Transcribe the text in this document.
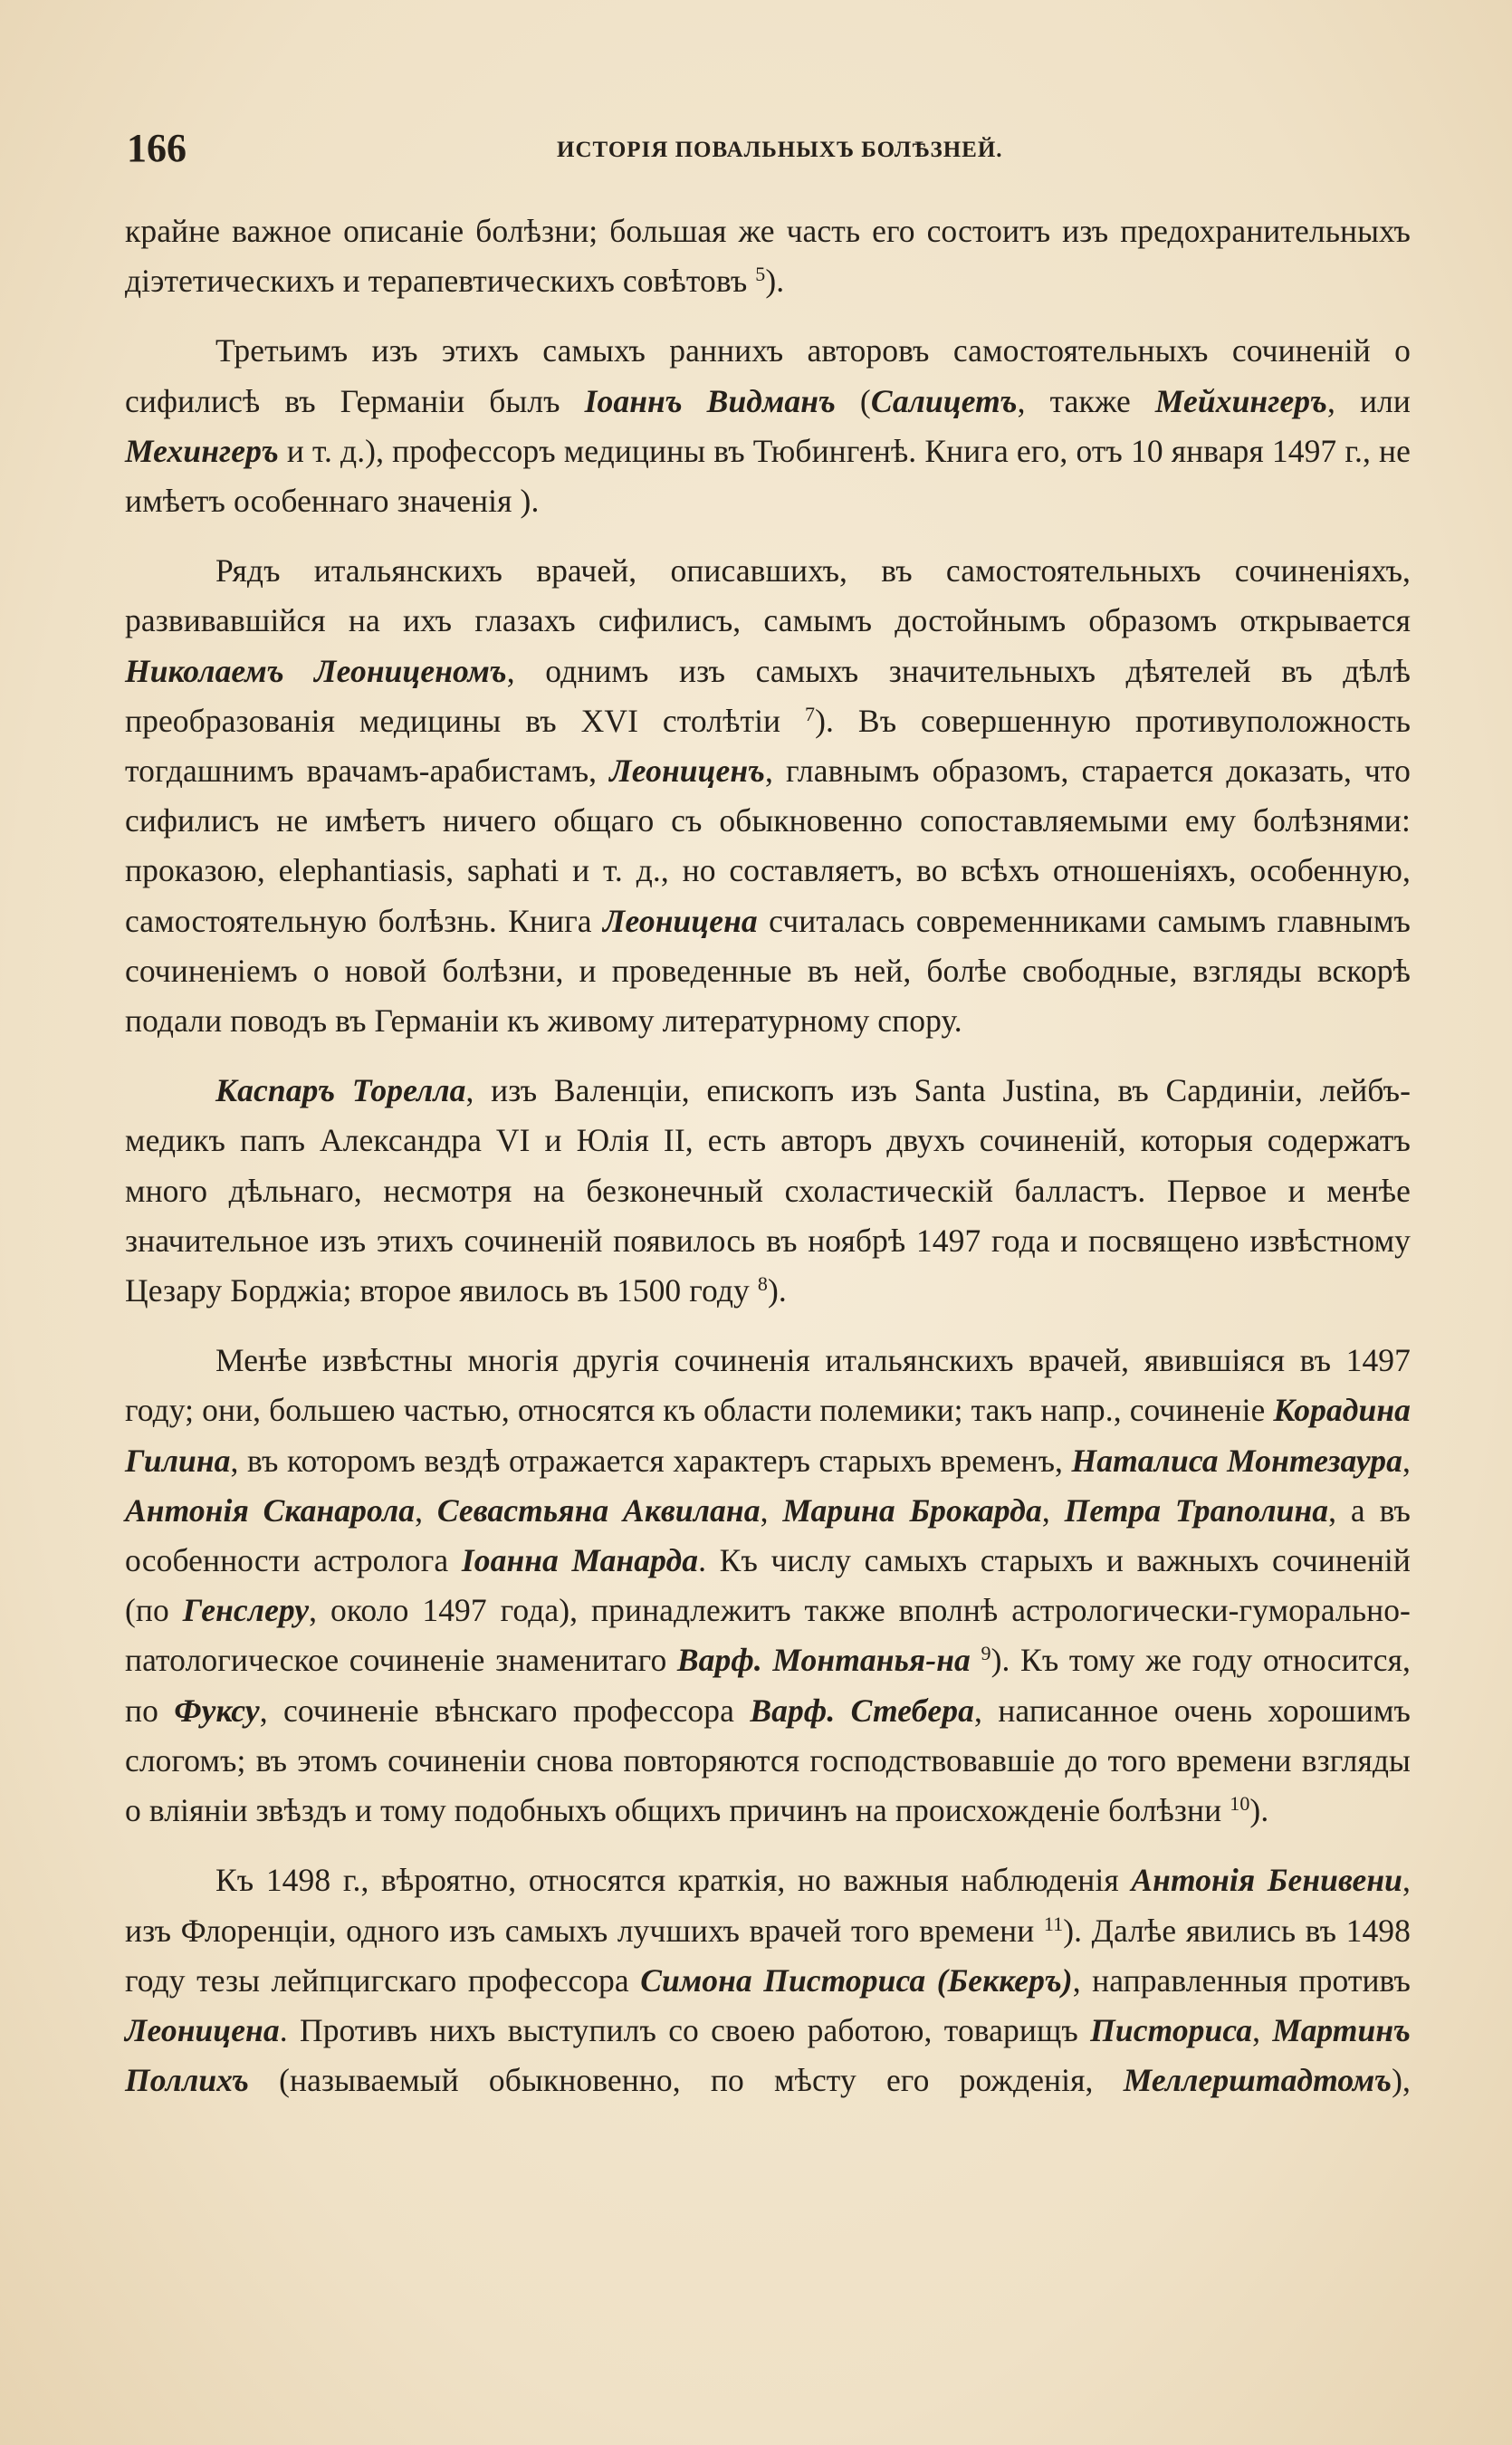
166	ИСТОРІЯ ПОВАЛЬНЫХЪ БОЛѢЗНЕЙ.

крайне важное описаніе болѣзни; большая же часть его состоитъ изъ предохранительныхъ діэтетическихъ и терапевтическихъ совѣтовъ $^5$).

Третьимъ изъ этихъ самыхъ раннихъ авторовъ самостоятельныхъ сочиненій о сифилисѣ въ Германіи былъ Іоаннъ Видманъ (Салицетъ, также Мейхингеръ, или Мехингеръ и т. д.), профессоръ медицины въ Тюбингенѣ. Книга его, отъ 10 января 1497 г., не имѣетъ особеннаго значенія ).

Рядъ итальянскихъ врачей, описавшихъ, въ самостоятельныхъ сочиненіяхъ, развивавшійся на ихъ глазахъ сифилисъ, самымъ достойнымъ образомъ открывается Николаемъ Леониценомъ, однимъ изъ самыхъ значительныхъ дѣятелей въ дѣлѣ преобразованія медицины въ XVI столѣтіи $^7$). Въ совершенную противуположность тогдашнимъ врачамъ-арабистамъ, Леониценъ, главнымъ образомъ, старается доказать, что сифилисъ не имѣетъ ничего общаго съ обыкновенно сопоставляемыми ему болѣзнями: проказою, elephantiasis, saphati и т. д., но составляетъ, во всѣхъ отношеніяхъ, особенную, самостоятельную болѣзнь. Книга Леоницена считалась современниками самымъ главнымъ сочиненіемъ о новой болѣзни, и проведенные въ ней, болѣе свободные, взгляды вскорѣ подали поводъ въ Германіи къ живому литературному спору.

Каспаръ Торелла, изъ Валенціи, епископъ изъ Santa Justina, въ Сардиніи, лейбъ-медикъ папъ Александра VI и Юлія II, есть авторъ двухъ сочиненій, которыя содержатъ много дѣльнаго, несмотря на безконечный схоластическій балластъ. Первое и менѣе значительное изъ этихъ сочиненій появилось въ ноябрѣ 1497 года и посвящено извѣстному Цезару Борджіа; второе явилось въ 1500 году $^8$).

Менѣе извѣстны многія другія сочиненія итальянскихъ врачей, явившіяся въ 1497 году; они, большею частью, относятся къ области полемики; такъ напр., сочиненіе Корадина Гилина, въ которомъ вездѣ отражается характеръ старыхъ временъ, Наталиса Монтезаура, Антонія Сканарола, Севастьяна Аквилана, Марина Брокарда, Петра Траполина, а въ особенности астролога Іоанна Манарда. Къ числу самыхъ старыхъ и важныхъ сочиненій (по Генслеру, около 1497 года), принадлежитъ также вполнѣ астрологически-гуморально-патологическое сочиненіе знаменитаго Варф. Монтанья-на $^9$). Къ тому же году относится, по Фуксу, сочиненіе вѣнскаго профессора Варф. Стебера, написанное очень хорошимъ слогомъ; въ этомъ сочиненіи снова повторяются господствовавшіе до того времени взгляды о вліяніи звѣздъ и тому подобныхъ общихъ причинъ на происхожденіе болѣзни $^{10}$).

Къ 1498 г., вѣроятно, относятся краткія, но важныя наблюденія Антонія Бенивени, изъ Флоренціи, одного изъ самыхъ лучшихъ врачей того времени $^{11}$). Далѣе явились въ 1498 году тезы лейпцигскаго профессора Симона Писториса (Беккеръ), направленныя противъ Леоницена. Противъ нихъ выступилъ со своею работою, товарищъ Писториса, Мартинъ Поллихъ (называемый обыкновенно, по мѣсту его рожденія, Меллерштадтомъ),
